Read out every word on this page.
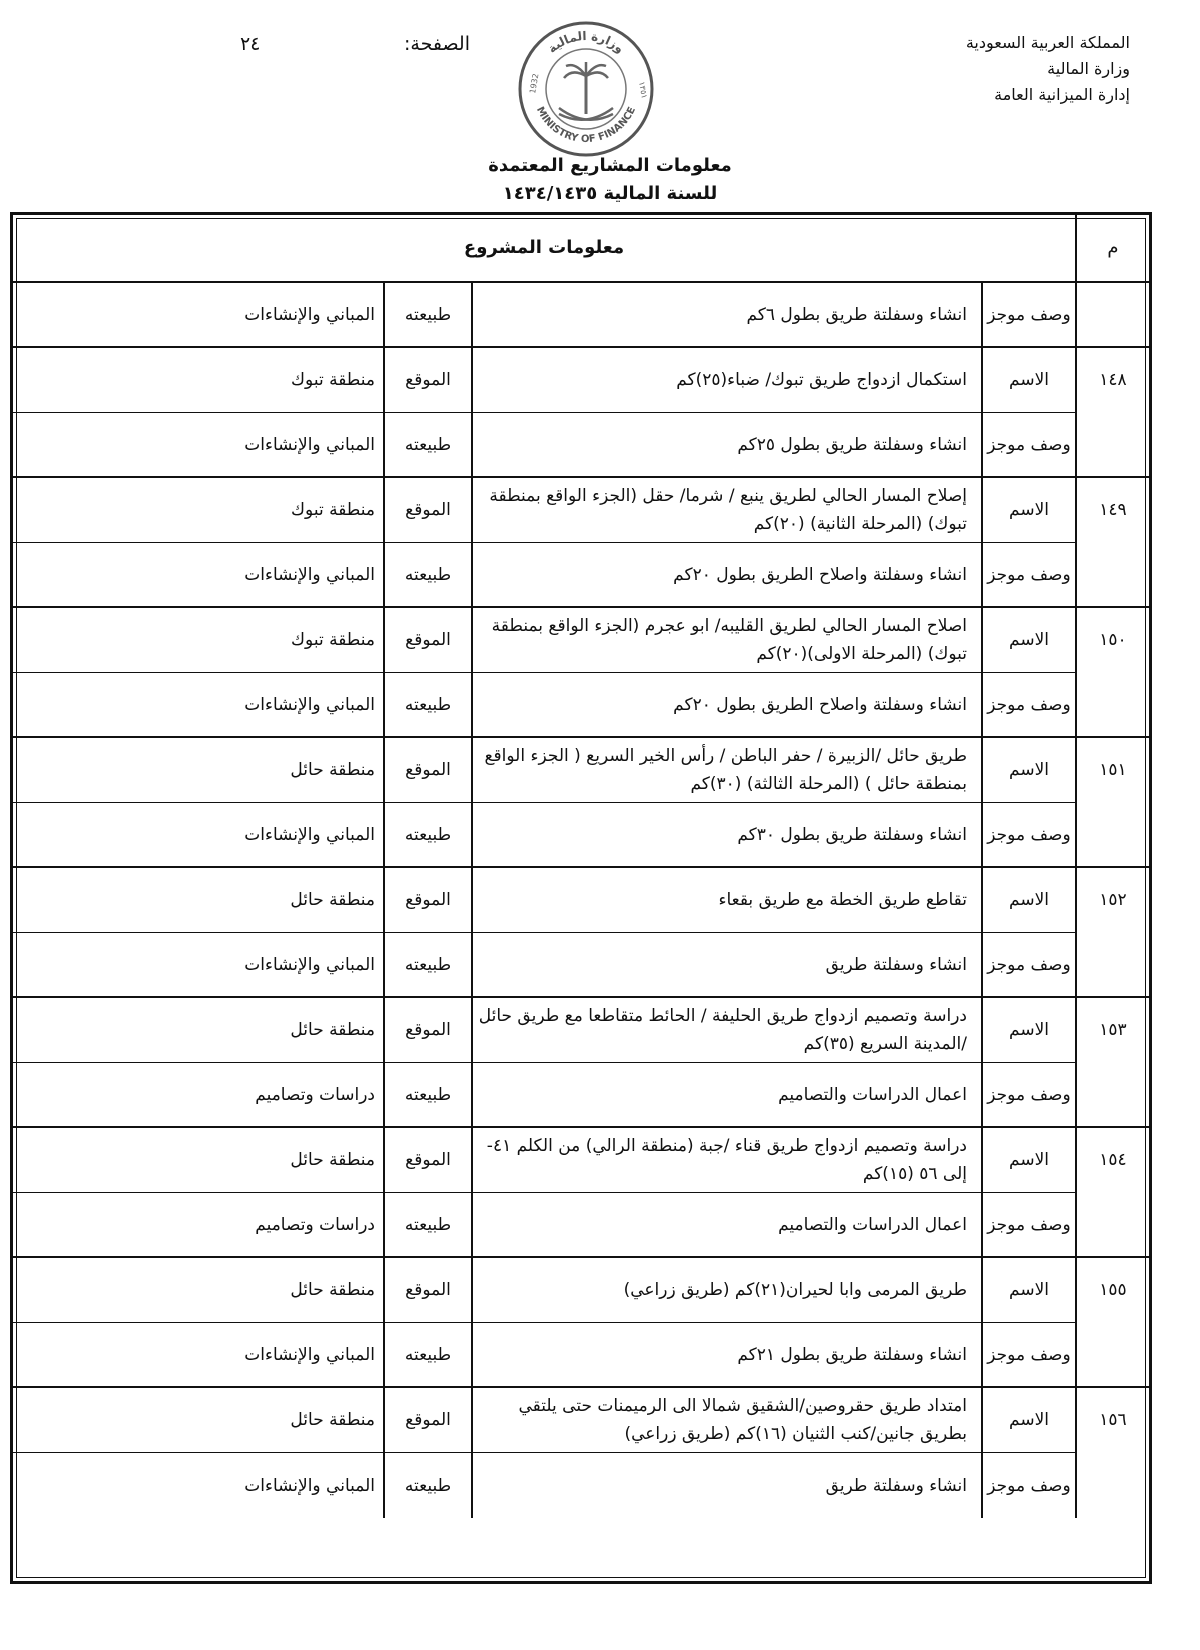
المملكة العربية السعودية
وزارة المالية
إدارة الميزانية العامة
الصفحة:
٢٤	وزارة المالية
MINISTRY OF FINANCE
1932	١٣٥١
معلومات المشاريع المعتمدة
للسنة المالية ١٤٣٤/١٤٣٥
م
معلومات المشروع
وصف موجز
انشاء وسفلتة طريق بطول ٦كم
طبيعته
المباني والإنشاءات
١٤٨
الاسم
استكمال ازدواج طريق تبوك/ ضباء(٢٥)كم
الموقع
منطقة تبوك
وصف موجز
انشاء وسفلتة طريق بطول ٢٥كم
طبيعته
المباني والإنشاءات
١٤٩
الاسم
إصلاح المسار الحالي لطريق ينبع / شرما/ حقل (الجزء الواقع بمنطقة تبوك) (المرحلة الثانية) (٢٠)كم
الموقع
منطقة تبوك
وصف موجز
انشاء وسفلتة واصلاح الطريق بطول ٢٠كم
طبيعته
المباني والإنشاءات
١٥٠
الاسم
اصلاح المسار الحالي لطريق القليبه/ ابو عجرم (الجزء الواقع بمنطقة تبوك) (المرحلة الاولى)(٢٠)كم
الموقع
منطقة تبوك
وصف موجز
انشاء وسفلتة واصلاح الطريق بطول ٢٠كم
طبيعته
المباني والإنشاءات
١٥١
الاسم
طريق حائل /الزبيرة / حفر الباطن / رأس الخير السريع ( الجزء الواقع بمنطقة حائل ) (المرحلة الثالثة) (٣٠)كم
الموقع
منطقة حائل
وصف موجز
انشاء وسفلتة طريق بطول ٣٠كم
طبيعته
المباني والإنشاءات
١٥٢
الاسم
تقاطع طريق الخطة مع طريق بقعاء
الموقع
منطقة حائل
وصف موجز
انشاء وسفلتة طريق
طبيعته
المباني والإنشاءات
١٥٣
الاسم
دراسة وتصميم ازدواج طريق الحليفة / الحائط متقاطعا مع طريق حائل /المدينة السريع (٣٥)كم
الموقع
منطقة حائل
وصف موجز
اعمال الدراسات والتصاميم
طبيعته
دراسات وتصاميم
١٥٤
الاسم
دراسة وتصميم ازدواج طريق قناء /جبة (منطقة الرالي) من الكلم ٤١-إلى ٥٦ (١٥)كم
الموقع
منطقة حائل
وصف موجز
اعمال الدراسات والتصاميم
طبيعته
دراسات وتصاميم
١٥٥
الاسم
طريق المرمى وابا لحيران(٢١)كم (طريق زراعي)
الموقع
منطقة حائل
وصف موجز
انشاء وسفلتة طريق بطول ٢١كم
طبيعته
المباني والإنشاءات
١٥٦
الاسم
امتداد طريق حقروصين/الشقيق شمالا الى الرميمنات حتى يلتقي بطريق جانين/كنب الثنيان (١٦)كم (طريق زراعي)
الموقع
منطقة حائل
وصف موجز
انشاء وسفلتة طريق
طبيعته
المباني والإنشاءات
